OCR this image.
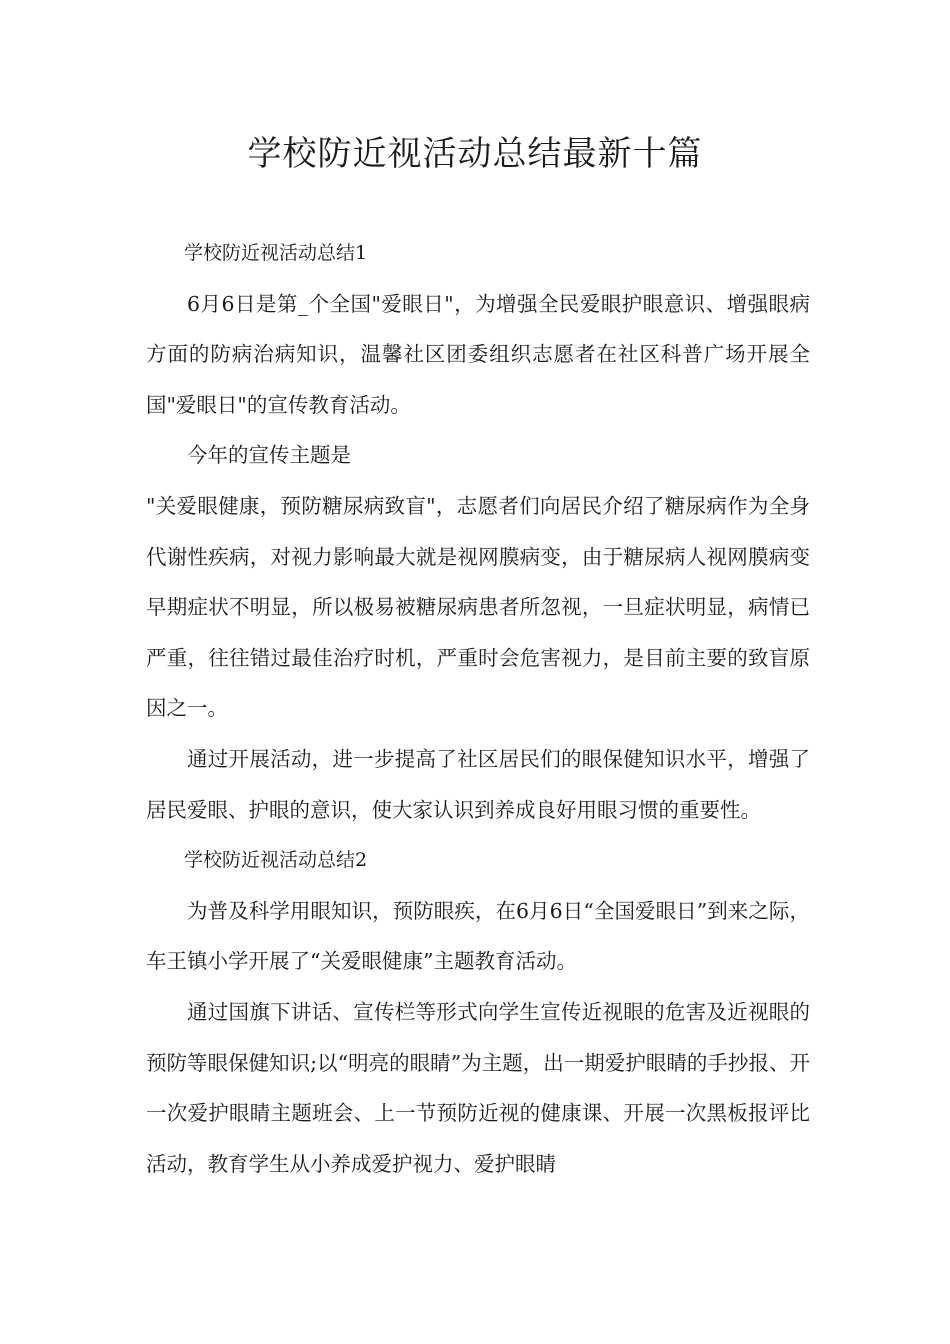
学校防近视活动总结最新十篇

学校防近视活动总结1

6月6日是第_个全国"爱眼日"，为增强全民爱眼护眼意识、增强眼病方面的防病治病知识，温馨社区团委组织志愿者在社区科普广场开展全国"爱眼日"的宣传教育活动。

今年的宣传主题是

"关爱眼健康，预防糖尿病致盲"，志愿者们向居民介绍了糖尿病作为全身代谢性疾病，对视力影响最大就是视网膜病变，由于糖尿病人视网膜病变早期症状不明显，所以极易被糖尿病患者所忽视，一旦症状明显，病情已严重，往往错过最佳治疗时机，严重时会危害视力，是目前主要的致盲原因之一。

通过开展活动，进一步提高了社区居民们的眼保健知识水平，增强了居民爱眼、护眼的意识，使大家认识到养成良好用眼习惯的重要性。

学校防近视活动总结2

为普及科学用眼知识，预防眼疾，在6月6日“全国爱眼日”到来之际，车王镇小学开展了“关爱眼健康”主题教育活动。

通过国旗下讲话、宣传栏等形式向学生宣传近视眼的危害及近视眼的预防等眼保健知识;以“明亮的眼睛”为主题，出一期爱护眼睛的手抄报、开一次爱护眼睛主题班会、上一节预防近视的健康课、开展一次黑板报评比活动，教育学生从小养成爱护视力、爱护眼睛
